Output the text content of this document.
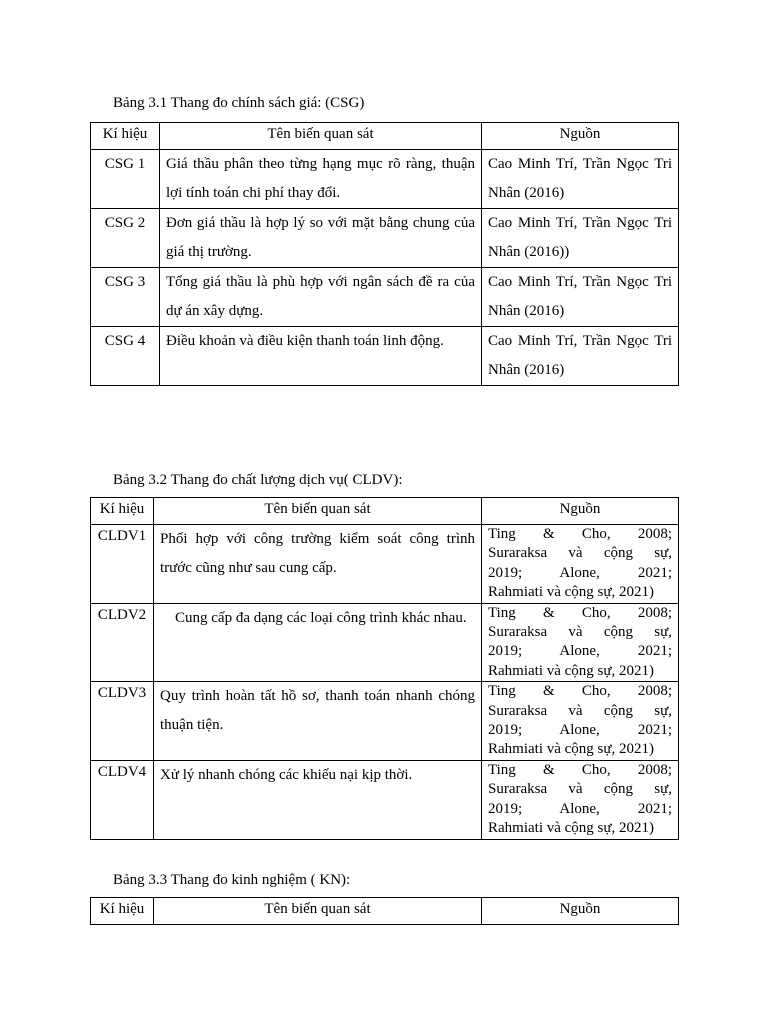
Bảng 3.1 Thang đo chính sách giá: (CSG)
Kí hiệu	Tên biến quan sát	Nguồn
CSG 1	Giá thầu phân theo từng hạng mục rõ ràng, thuận lợi tính toán chi phí thay đổi.	Cao Minh Trí, Trần Ngọc Tri Nhân (2016)
CSG 2	Đơn giá thầu là hợp lý so với mặt bằng chung của giá thị trường.	Cao Minh Trí, Trần Ngọc Tri Nhân (2016))
CSG 3	Tổng giá thầu là phù hợp với ngân sách đề ra của dự án xây dựng.	Cao Minh Trí, Trần Ngọc Tri Nhân (2016)
CSG 4	Điều khoản và điều kiện thanh toán linh động.	Cao Minh Trí, Trần Ngọc Tri Nhân (2016)
Bảng 3.2 Thang đo chất lượng dịch vụ( CLDV):
Kí hiệu	Tên biến quan sát	Nguồn
CLDV1	Phối hợp với công trường kiểm soát công trình trước cũng như sau cung cấp.	Ting & Cho, 2008;
Suraraksa và cộng sự,
2019; Alone, 2021;
Rahmiati và cộng sự, 2021)

CLDV2	Cung cấp đa dạng các loại công trình khác nhau.	Ting & Cho, 2008;
Suraraksa và cộng sự,
2019; Alone, 2021;
Rahmiati và cộng sự, 2021)

CLDV3	Quy trình hoàn tất hồ sơ, thanh toán nhanh chóng thuận tiện.	Ting & Cho, 2008;
Suraraksa và cộng sự,
2019; Alone, 2021;
Rahmiati và cộng sự, 2021)

CLDV4	Xử lý nhanh chóng các khiếu nại kịp thời.	Ting & Cho, 2008;
Suraraksa và cộng sự,
2019; Alone, 2021;
Rahmiati và cộng sự, 2021)
Bảng 3.3 Thang đo kinh nghiệm ( KN):
Kí hiệu	Tên biến quan sát	Nguồn
